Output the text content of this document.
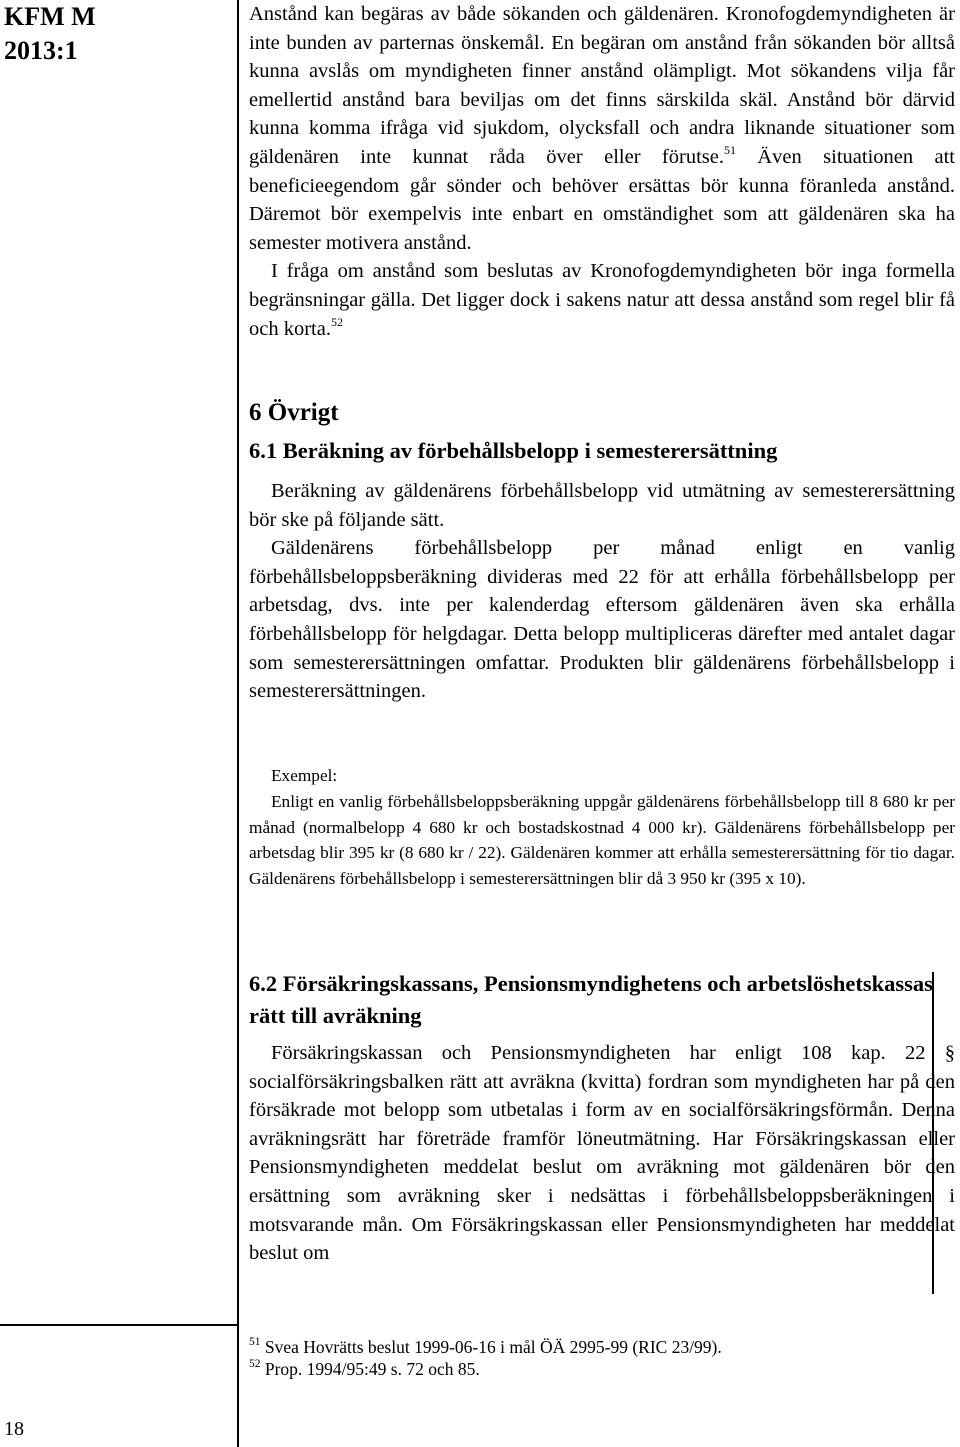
KFM M
2013:1
18

Anstånd kan begäras av både sökanden och gäldenären. Kronofogdemyndigheten är inte bunden av parternas önskemål. En begäran om anstånd från sökanden bör alltså kunna avslås om myndigheten finner anstånd olämpligt. Mot sökandens vilja får emellertid anstånd bara beviljas om det finns särskilda skäl. Anstånd bör därvid kunna komma ifråga vid sjukdom, olycksfall och andra liknande situationer som gäldenären inte kunnat råda över eller förutse.$^{51}$ Även situationen att beneficieegendom går sönder och behöver ersättas bör kunna föranleda anstånd. Däremot bör exempelvis inte enbart en omständighet som att gäldenären ska ha semester motivera anstånd.

I fråga om anstånd som beslutas av Kronofogdemyndigheten bör inga formella begränsningar gälla. Det ligger dock i sakens natur att dessa anstånd som regel blir få och korta.$^{52}$

6 Övrigt
6.1 Beräkning av förbehållsbelopp i semesterersättning

Beräkning av gäldenärens förbehållsbelopp vid utmätning av semesterersättning bör ske på följande sätt.

Gäldenärens förbehållsbelopp per månad enligt en vanlig förbehållsbeloppsberäkning divideras med 22 för att erhålla förbehållsbelopp per arbetsdag, dvs. inte per kalenderdag eftersom gäldenären även ska erhålla förbehållsbelopp för helgdagar. Detta belopp multipliceras därefter med antalet dagar som semesterersättningen omfattar. Produkten blir gäldenärens förbehållsbelopp i semesterersättningen.

Exempel:

Enligt en vanlig förbehållsbeloppsberäkning uppgår gäldenärens förbehållsbelopp till 8 680 kr per månad (normalbelopp 4 680 kr och bostadskostnad 4 000 kr). Gäldenärens förbehållsbelopp per arbetsdag blir 395 kr (8 680 kr / 22). Gäldenären kommer att erhålla semesterersättning för tio dagar. Gäldenärens förbehållsbelopp i semesterersättningen blir då 3 950 kr (395 x 10).

6.2 Försäkringskassans, Pensionsmyndighetens och arbetslöshetskassas rätt till avräkning

Försäkringskassan och Pensionsmyndigheten har enligt 108 kap. 22 § socialförsäkringsbalken rätt att avräkna (kvitta) fordran som myndigheten har på den försäkrade mot belopp som utbetalas i form av en socialförsäkringsförmån. Denna avräkningsrätt har företräde framför löneutmätning. Har Försäkringskassan eller Pensionsmyndigheten meddelat beslut om avräkning mot gäldenären bör den ersättning som avräkning sker i nedsättas i förbehållsbeloppsberäkningen i motsvarande mån. Om Försäkringskassan eller Pensionsmyndigheten har meddelat beslut om

$^{51}$ Svea Hovrätts beslut 1999-06-16 i mål ÖÄ 2995-99 (RIC 23/99).
$^{52}$ Prop. 1994/95:49 s. 72 och 85.
